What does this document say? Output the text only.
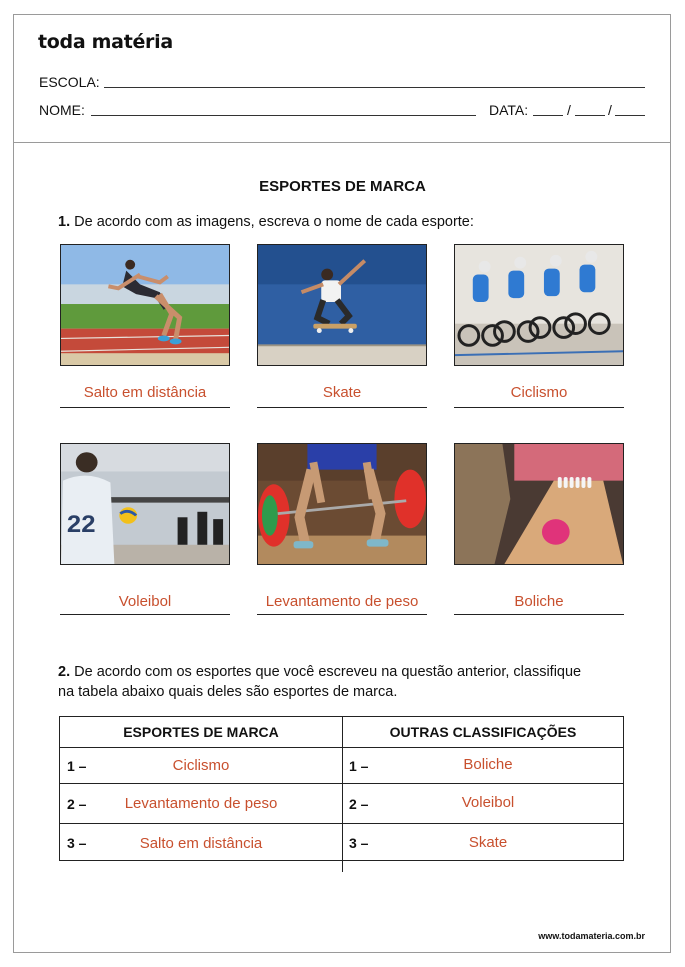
toda matéria
ESCOLA:
NOME:	DATA:	/	/
ESPORTES DE MARCA
1. De acordo com as imagens, escreva o nome de cada esporte:
Salto em distância	Skate	Ciclismo
22
Voleibol	Levantamento de peso	Boliche
2. De acordo com os esportes que você escreveu na questão anterior, classifique
na tabela abaixo quais deles são esportes de marca.
ESPORTES DE MARCA	OUTRAS CLASSIFICAÇÕES
1 –	Ciclismo	1 –	Boliche
2 –	Levantamento de peso	2 –	Voleibol
3 –	Salto em distância	3 –	Skate
www.todamateria.com.br
